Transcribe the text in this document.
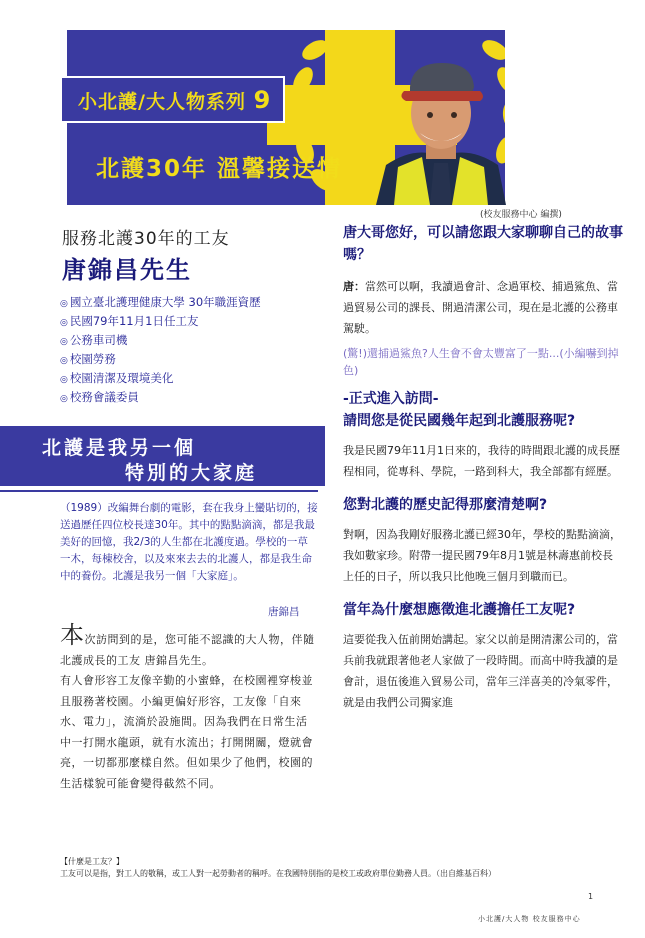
小北護/大人物系列 9
北護30年 溫馨接送情
(校友服務中心 編撰)
服務北護30年的工友
唐錦昌先生
◎ 國立臺北護理健康大學 30年職涯資歷
◎ 民國79年11月1日任工友
◎ 公務車司機
◎ 校園勞務
◎ 校園清潔及環境美化
◎ 校務會議委員
北護是我另一個
特別的大家庭
（1989）改編舞台劇的電影，套在我身上蠻貼切的，接送過歷任四位校長達30年。其中的點點滴滴，都是我最美好的回憶，我2/3的人生都在北護度過。學校的一草一木，每棟校舍，以及來來去去的北護人，都是我生命中的養份。北護是我另一個「大家庭」。
唐錦昌

本次訪問到的是，您可能不認識的大人物，伴隨北護成長的工友 唐錦昌先生。

有人會形容工友像辛勤的小蜜蜂，在校園裡穿梭並且服務著校園。小編更偏好形容，工友像「自來水、電力」，流淌於設施間。因為我們在日常生活中一打開水龍頭，就有水流出；打開開關，燈就會亮，一切都那麼樣自然。但如果少了他們，校園的生活樣貌可能會變得截然不同。

【什麼是工友？】
工友可以是指，對工人的敬稱，或工人對一起勞動者的稱呼。在我國特別指的是校工或政府單位勤務人員。（出自維基百科）
1
小北護/大人物 校友服務中心

唐大哥您好，可以請您跟大家聊聊自己的故事嗎？

唐：當然可以啊，我讀過會計、念過軍校、捕過鯊魚、當過貿易公司的課長、開過清潔公司，現在是北護的公務車駕駛。

(驚!)還捕過鯊魚?人生會不會太豐富了一點...(小編嚇到掉色)

-正式進入訪問-

請問您是從民國幾年起到北護服務呢?

我是民國79年11月1日來的，我待的時間跟北護的成長歷程相同，從專科、學院，一路到科大，我全部都有經歷。

您對北護的歷史記得那麼清楚啊?

對啊，因為我剛好服務北護已經30年，學校的點點滴滴，我如數家珍。附帶一提民國79年8月1號是林壽惠前校長上任的日子，所以我只比他晚三個月到職而已。

當年為什麼想應徵進北護擔任工友呢?

這要從我入伍前開始講起。家父以前是開清潔公司的，當兵前我就跟著他老人家做了一段時間。而高中時我讀的是會計，退伍後進入貿易公司，當年三洋喜美的冷氣零件，就是由我們公司獨家進
